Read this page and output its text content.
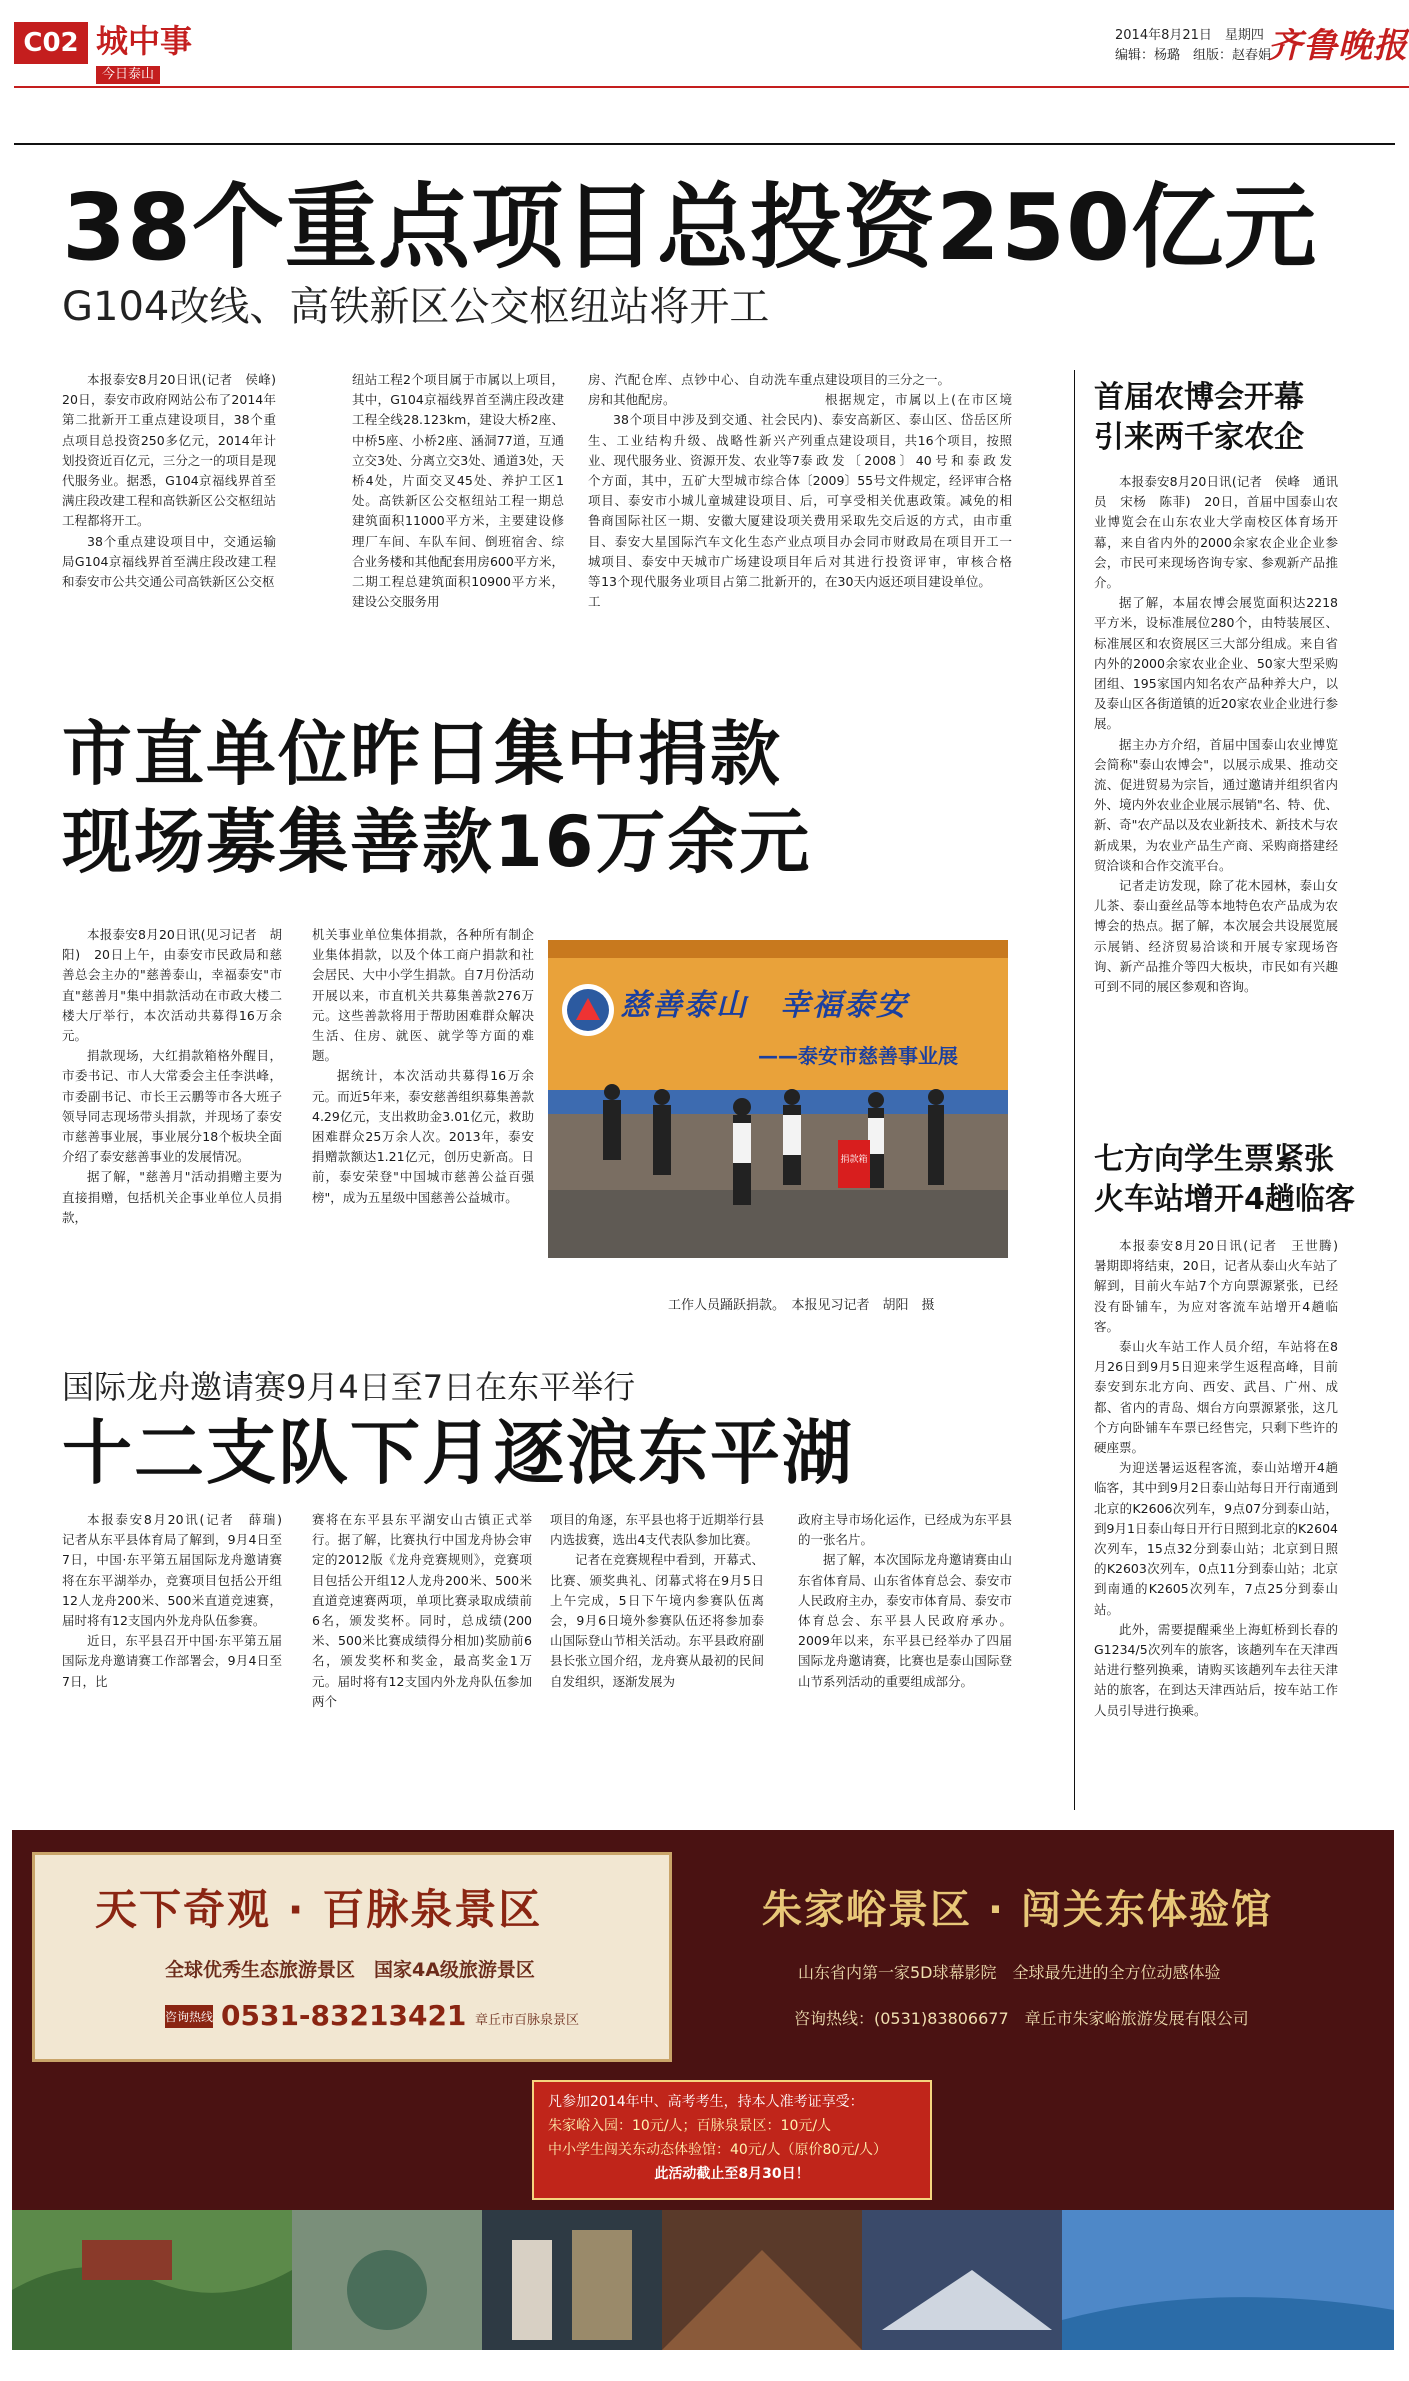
C02 城中事
今日泰山
2014年8月21日　星期四
编辑：杨璐　组版：赵春娟
齐鲁晚报
38个重点项目总投资250亿元
G104改线、高铁新区公交枢纽站将开工

本报泰安8月20日讯(记者　侯峰)　20日，泰安市政府网站公布了2014年第二批新开工重点建设项目，38个重点项目总投资250多亿元，2014年计划投资近百亿元，三分之一的项目是现代服务业。据悉，G104京福线界首至满庄段改建工程和高铁新区公交枢纽站工程都将开工。

38个重点建设项目中，交通运输局G104京福线界首至满庄段改建工程和泰安市公共交通公司高铁新区公交枢

纽站工程2个项目属于市属以上项目，其中，G104京福线界首至满庄段改建工程全线28.123km，建设大桥2座、中桥5座、小桥2座、涵洞77道，互通立交3处、分离立交3处、通道3处，天桥4处，片面交叉45处、养护工区1处。高铁新区公交枢纽站工程一期总建筑面积11000平方米，主要建设修理厂车间、车队车间、倒班宿舍、综合业务楼和其他配套用房600平方米，二期工程总建筑面积10900平方米，建设公交服务用

房、汽配仓库、点钞中心、自动洗车房和其他配房。

38个项目中涉及到交通、社会民生、工业结构升级、战略性新兴产业、现代服务业、资源开发、农业等7个方面，其中，五矿大型城市综合体项目、泰安市小城儿童城建设项目、鲁商国际社区一期、安徽大厦建设项目、泰安大星国际汽车文化生态产业城项目、泰安中天城市广场建设项目等13个现代服务业项目占第二批新开工

重点建设项目的三分之一。

根据规定，市属以上(在市区境内)、泰安高新区、泰山区、岱岳区所列重点建设项目，共16个项目，按照泰政发〔2008〕40号和泰政发〔2009〕55号文件规定，经评审合格后，可享受相关优惠政策。减免的相关费用采取先交后返的方式，由市重点项目办会同市财政局在项目开工一年后对其进行投资评审，审核合格的，在30天内返还项目建设单位。

首届农博会开幕
引来两千家农企

本报泰安8月20日讯(记者　侯峰　通讯员　宋杨　陈菲)　20日，首届中国泰山农业博览会在山东农业大学南校区体育场开幕，来自省内外的2000余家农企业企业参会，市民可来现场咨询专家、参观新产品推介。

据了解，本届农博会展览面积达2218平方米，设标准展位280个，由特装展区、标准展区和农资展区三大部分组成。来自省内外的2000余家农业企业、50家大型采购团组、195家国内知名农产品种养大户，以及泰山区各街道镇的近20家农业企业进行参展。

据主办方介绍，首届中国泰山农业博览会简称"泰山农博会"，以展示成果、推动交流、促进贸易为宗旨，通过邀请并组织省内外、境内外农业企业展示展销"名、特、优、新、奇"农产品以及农业新技术、新技术与农新成果，为农业产品生产商、采购商搭建经贸洽谈和合作交流平台。

记者走访发现，除了花木园林，泰山女儿茶、泰山蚕丝品等本地特色农产品成为农博会的热点。据了解，本次展会共设展览展示展销、经济贸易洽谈和开展专家现场咨询、新产品推介等四大板块，市民如有兴趣可到不同的展区参观和咨询。

市直单位昨日集中捐款
现场募集善款16万余元

本报泰安8月20日讯(见习记者　胡阳)　20日上午，由泰安市民政局和慈善总会主办的"慈善泰山，幸福泰安"市直"慈善月"集中捐款活动在市政大楼二楼大厅举行，本次活动共募得16万余元。

捐款现场，大红捐款箱格外醒目，市委书记、市人大常委会主任李洪峰，市委副书记、市长王云鹏等市各大班子领导同志现场带头捐款，并现场了泰安市慈善事业展，事业展分18个板块全面介绍了泰安慈善事业的发展情况。

据了解，"慈善月"活动捐赠主要为直接捐赠，包括机关企事业单位人员捐款，

机关事业单位集体捐款，各种所有制企业集体捐款，以及个体工商户捐款和社会居民、大中小学生捐款。自7月份活动开展以来，市直机关共募集善款276万元。这些善款将用于帮助困难群众解决生活、住房、就医、就学等方面的难题。

据统计，本次活动共募得16万余元。而近5年来，泰安慈善组织募集善款4.29亿元，支出救助金3.01亿元，救助困难群众25万余人次。2013年，泰安捐赠款额达1.21亿元，创历史新高。日前，泰安荣登"中国城市慈善公益百强榜"，成为五星级中国慈善公益城市。

慈善泰山　幸福泰安
——泰安市慈善事业展
捐款箱
工作人员踊跃捐款。　本报见习记者　胡阳　摄
七方向学生票紧张
火车站增开4趟临客

本报泰安8月20日讯(记者　王世腾)　暑期即将结束，20日，记者从泰山火车站了解到，目前火车站7个方向票源紧张，已经没有卧铺车，为应对客流车站增开4趟临客。

泰山火车站工作人员介绍，车站将在8月26日到9月5日迎来学生返程高峰，目前泰安到东北方向、西安、武昌、广州、成都、省内的青岛、烟台方向票源紧张，这几个方向卧铺车车票已经售完，只剩下些许的硬座票。

为迎送暑运返程客流，泰山站增开4趟临客，其中到9月2日泰山站每日开行南通到北京的K2606次列车，9点07分到泰山站，到9月1日泰山每日开行日照到北京的K2604次列车，15点32分到泰山站；北京到日照的K2603次列车，0点11分到泰山站；北京到南通的K2605次列车，7点25分到泰山站。

此外，需要提醒乘坐上海虹桥到长春的G1234/5次列车的旅客，该趟列车在天津西站进行整列换乘，请购买该趟列车去往天津站的旅客，在到达天津西站后，按车站工作人员引导进行换乘。

国际龙舟邀请赛9月4日至7日在东平举行
十二支队下月逐浪东平湖

本报泰安8月20讯(记者　薛瑞)　记者从东平县体育局了解到，9月4日至7日，中国·东平第五届国际龙舟邀请赛将在东平湖举办，竞赛项目包括公开组12人龙舟200米、500米直道竞速赛，届时将有12支国内外龙舟队伍参赛。

近日，东平县召开中国·东平第五届国际龙舟邀请赛工作部署会，9月4日至7日，比

赛将在东平县东平湖安山古镇正式举行。据了解，比赛执行中国龙舟协会审定的2012版《龙舟竞赛规则》，竞赛项目包括公开组12人龙舟200米、500米直道竞速赛两项，单项比赛录取成绩前6名，颁发奖杯。同时，总成绩(200米、500米比赛成绩得分相加)奖励前6名，颁发奖杯和奖金，最高奖金1万元。届时将有12支国内外龙舟队伍参加两个

项目的角逐，东平县也将于近期举行县内选拔赛，选出4支代表队参加比赛。

记者在竞赛规程中看到，开幕式、比赛、颁奖典礼、闭幕式将在9月5日上午完成，5日下午境内参赛队伍离会，9月6日境外参赛队伍还将参加泰山国际登山节相关活动。东平县政府副县长张立国介绍，龙舟赛从最初的民间自发组织，逐渐发展为

政府主导市场化运作，已经成为东平县的一张名片。

据了解，本次国际龙舟邀请赛由山东省体育局、山东省体育总会、泰安市人民政府主办，泰安市体育局、泰安市体育总会、东平县人民政府承办。2009年以来，东平县已经举办了四届国际龙舟邀请赛，比赛也是泰山国际登山节系列活动的重要组成部分。

天下奇观 · 百脉泉景区
全球优秀生态旅游景区　国家4A级旅游景区
咨询热线 0531-83213421 章丘市百脉泉景区
朱家峪景区 · 闯关东体验馆
山东省内第一家5D球幕影院　全球最先进的全方位动感体验
咨询热线：(0531)83806677　章丘市朱家峪旅游发展有限公司
凡参加2014年中、高考考生，持本人准考证享受：
朱家峪入园：10元/人；百脉泉景区：10元/人
中小学生闯关东动态体验馆：40元/人（原价80元/人）
此活动截止至8月30日！
